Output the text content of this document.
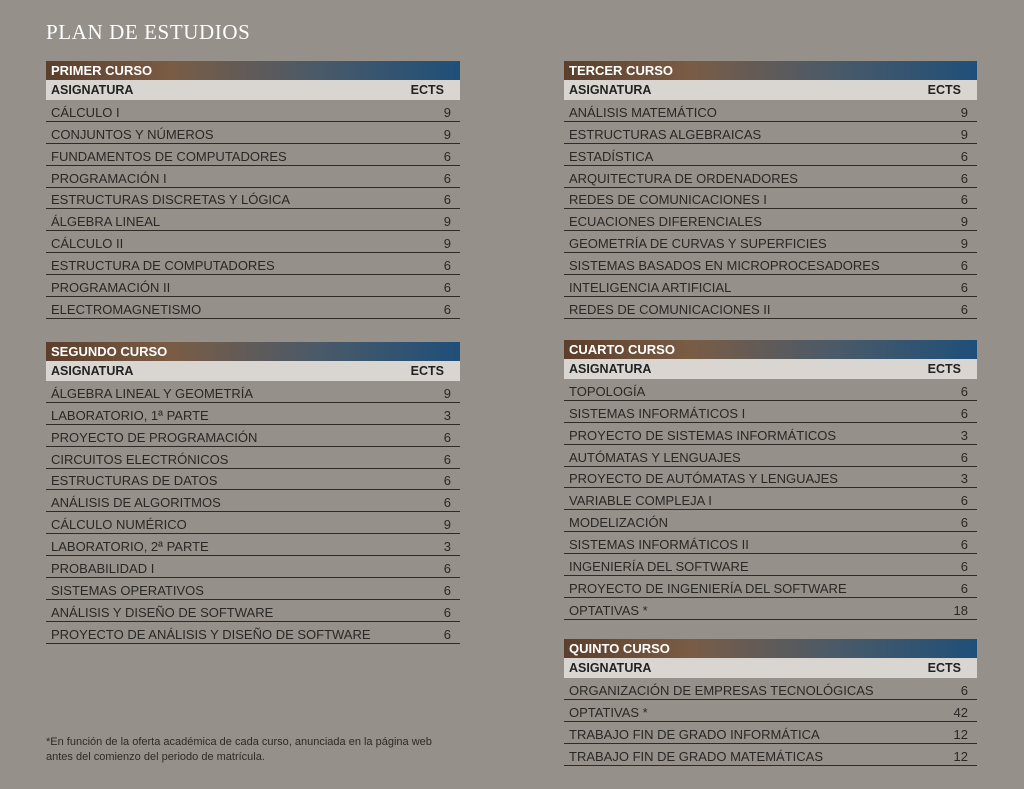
PLAN DE ESTUDIOS
PRIMER CURSO
ASIGNATURA	ECTS
CÁLCULO I	9
CONJUNTOS Y NÚMEROS	9
FUNDAMENTOS DE COMPUTADORES	6
PROGRAMACIÓN I	6
ESTRUCTURAS DISCRETAS Y LÓGICA	6
ÁLGEBRA LINEAL	9
CÁLCULO II	9
ESTRUCTURA DE COMPUTADORES	6
PROGRAMACIÓN II	6
ELECTROMAGNETISMO	6
SEGUNDO CURSO
ASIGNATURA	ECTS
ÁLGEBRA LINEAL Y GEOMETRÍA	9
LABORATORIO, 1ª PARTE	3
PROYECTO DE PROGRAMACIÓN	6
CIRCUITOS ELECTRÓNICOS	6
ESTRUCTURAS DE DATOS	6
ANÁLISIS DE ALGORITMOS	6
CÁLCULO NUMÉRICO	9
LABORATORIO, 2ª PARTE	3
PROBABILIDAD I	6
SISTEMAS OPERATIVOS	6
ANÁLISIS Y DISEÑO DE SOFTWARE	6
PROYECTO DE ANÁLISIS Y DISEÑO DE SOFTWARE	6
TERCER CURSO
ASIGNATURA	ECTS
ANÁLISIS MATEMÁTICO	9
ESTRUCTURAS ALGEBRAICAS	9
ESTADÍSTICA	6
ARQUITECTURA DE ORDENADORES	6
REDES DE COMUNICACIONES I	6
ECUACIONES DIFERENCIALES	9
GEOMETRÍA DE CURVAS Y SUPERFICIES	9
SISTEMAS BASADOS EN MICROPROCESADORES	6
INTELIGENCIA ARTIFICIAL	6
REDES DE COMUNICACIONES II	6
CUARTO CURSO
ASIGNATURA	ECTS
TOPOLOGÍA	6
SISTEMAS INFORMÁTICOS I	6
PROYECTO DE SISTEMAS INFORMÁTICOS	3
AUTÓMATAS Y LENGUAJES	6
PROYECTO DE AUTÓMATAS Y LENGUAJES	3
VARIABLE COMPLEJA I	6
MODELIZACIÓN	6
SISTEMAS INFORMÁTICOS II	6
INGENIERÍA DEL SOFTWARE	6
PROYECTO DE INGENIERÍA DEL SOFTWARE	6
OPTATIVAS *	18
QUINTO CURSO
ASIGNATURA	ECTS
ORGANIZACIÓN DE EMPRESAS TECNOLÓGICAS	6
OPTATIVAS *	42
TRABAJO FIN DE GRADO INFORMÁTICA	12
TRABAJO FIN DE GRADO MATEMÁTICAS	12
*En función de la oferta académica de cada curso, anunciada en la página web
antes del comienzo del periodo de matrícula.
